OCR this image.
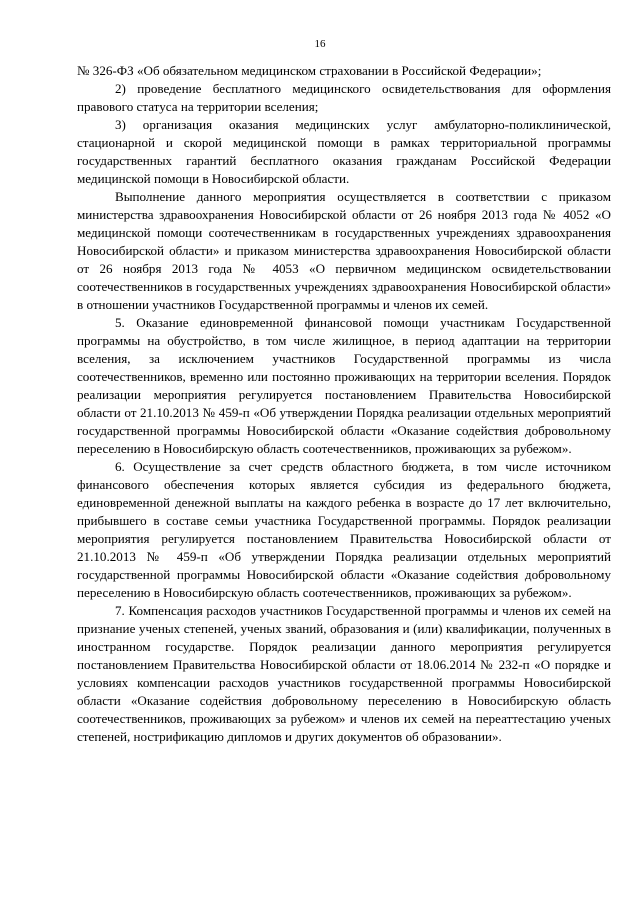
16

№ 326-ФЗ «Об обязательном медицинском страховании в Российской Федерации»;

2) проведение бесплатного медицинского освидетельствования для оформления правового статуса на территории вселения;

3) организация оказания медицинских услуг амбулаторно-поликлинической, стационарной и скорой медицинской помощи в рамках территориальной программы государственных гарантий бесплатного оказания гражданам Российской Федерации медицинской помощи в Новосибирской области.

Выполнение данного мероприятия осуществляется в соответствии с приказом министерства здравоохранения Новосибирской области от 26 ноября 2013 года № 4052 «О медицинской помощи соотечественникам в государственных учреждениях здравоохранения Новосибирской области» и приказом министерства здравоохранения Новосибирской области от 26 ноября 2013 года № 4053 «О первичном медицинском освидетельствовании соотечественников в государственных учреждениях здравоохранения Новосибирской области» в отношении участников Государственной программы и членов их семей.

5. Оказание единовременной финансовой помощи участникам Государственной программы на обустройство, в том числе жилищное, в период адаптации на территории вселения, за исключением участников Государственной программы из числа соотечественников, временно или постоянно проживающих на территории вселения. Порядок реализации мероприятия регулируется постановлением Правительства Новосибирской области от 21.10.2013 № 459-п «Об утверждении Порядка реализации отдельных мероприятий государственной программы Новосибирской области «Оказание содействия добровольному переселению в Новосибирскую область соотечественников, проживающих за рубежом».

6. Осуществление за счет средств областного бюджета, в том числе источником финансового обеспечения которых является субсидия из федерального бюджета, единовременной денежной выплаты на каждого ребенка в возрасте до 17 лет включительно, прибывшего в составе семьи участника Государственной программы. Порядок реализации мероприятия регулируется постановлением Правительства Новосибирской области от 21.10.2013 № 459-п «Об утверждении Порядка реализации отдельных мероприятий государственной программы Новосибирской области «Оказание содействия добровольному переселению в Новосибирскую область соотечественников, проживающих за рубежом».

7. Компенсация расходов участников Государственной программы и членов их семей на признание ученых степеней, ученых званий, образования и (или) квалификации, полученных в иностранном государстве. Порядок реализации данного мероприятия регулируется постановлением Правительства Новосибирской области от 18.06.2014 № 232-п «О порядке и условиях компенсации расходов участников государственной программы Новосибирской области «Оказание содействия добровольному переселению в Новосибирскую область соотечественников, проживающих за рубежом» и членов их семей на переаттестацию ученых степеней, нострификацию дипломов и других документов об образовании».
